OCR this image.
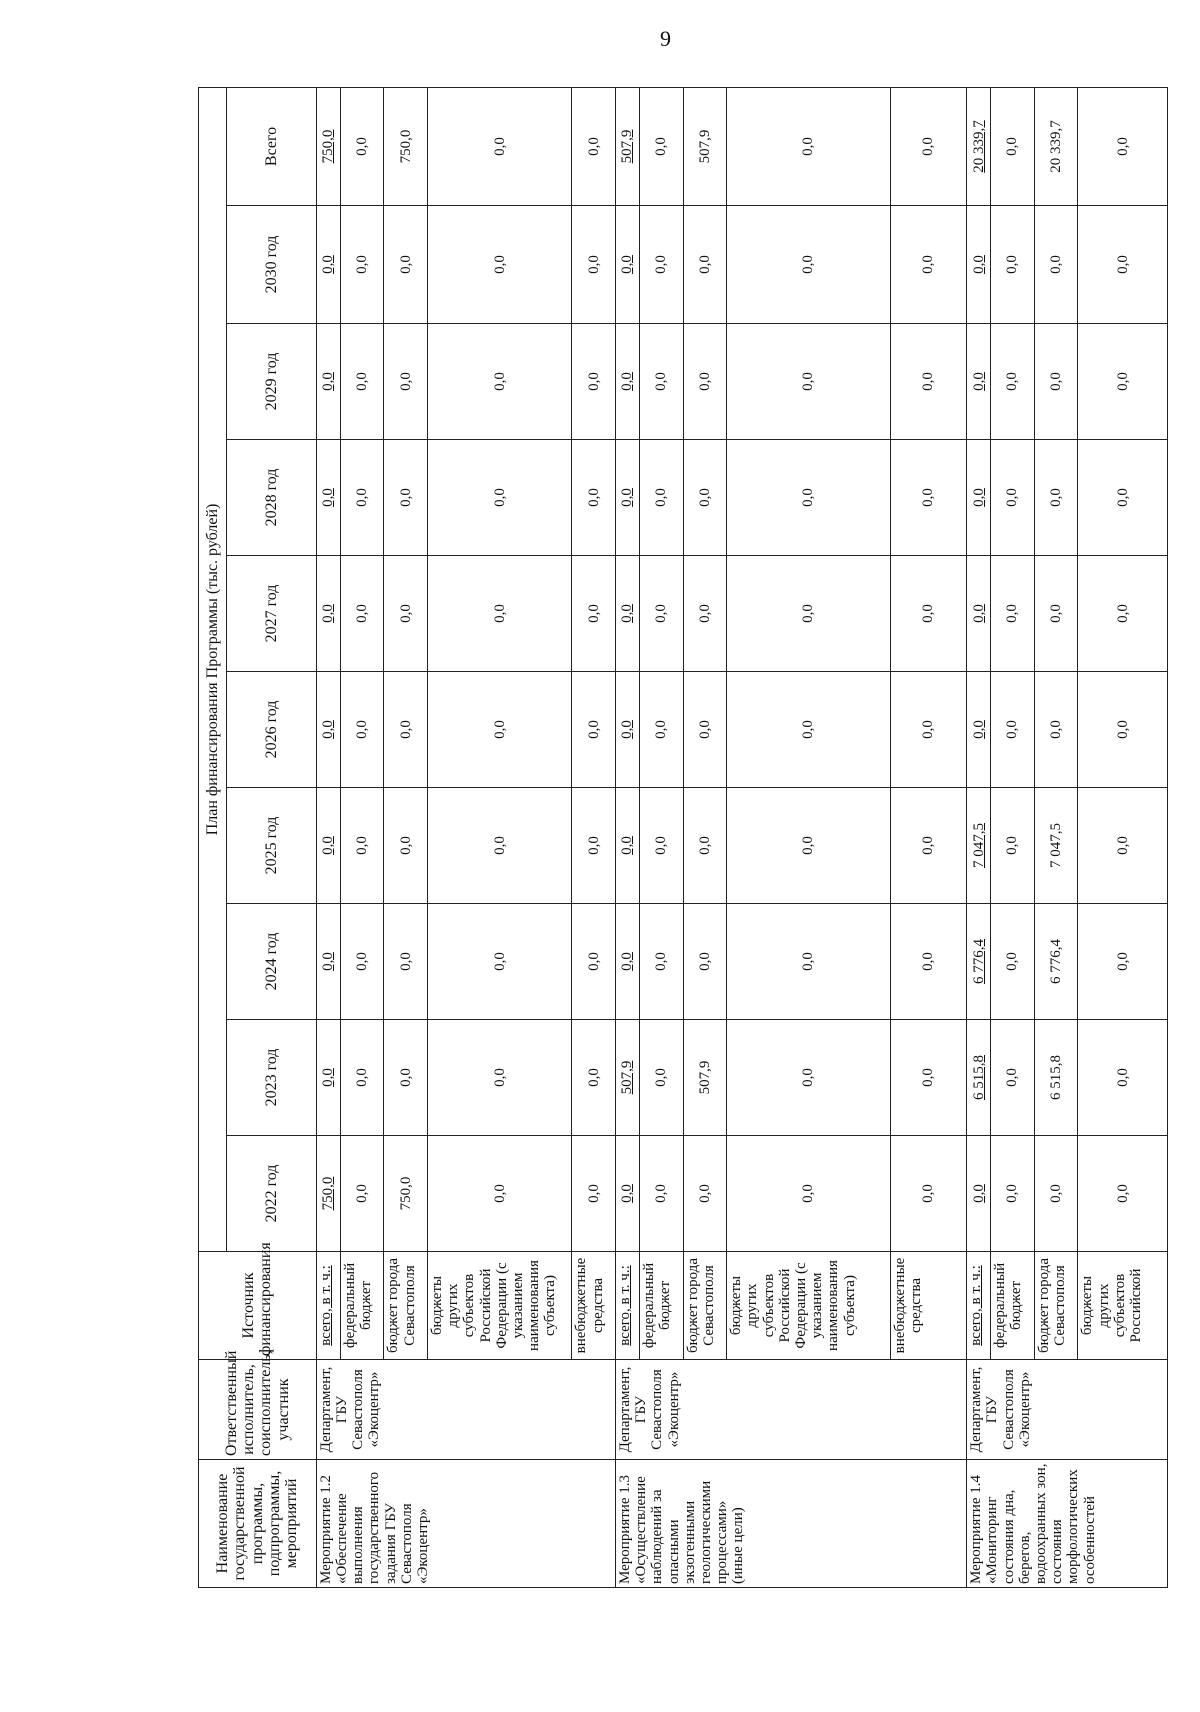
9
Наименование государственной программы, подпрограммы, мероприятий	Ответственный исполнитель, соисполнитель, участник	Источник финансирования	План финансирования Программы (тыс. рублей)									
			2022 год	2023 год	2024 год	2025 год	2026 год	2027 год	2028 год	2029 год	2030 год	Всего
Мероприятие 1.2 «Обеспечение выполнения государственного задания ГБУ Севастополя «Экоцентр»	Департамент, ГБУ Севастополя «Экоцентр»	всего, в т. ч.:	750,0	0,0	0,0	0,0	0,0	0,0	0,0	0,0	0,0	750,0
		федеральный бюджет	0,0	0,0	0,0	0,0	0,0	0,0	0,0	0,0	0,0	0,0
		бюджет города Севастополя	750,0	0,0	0,0	0,0	0,0	0,0	0,0	0,0	0,0	750,0
		бюджеты других субъектов Российской Федерации (с указанием наименования субъекта)	0,0	0,0	0,0	0,0	0,0	0,0	0,0	0,0	0,0	0,0
		внебюджетные средства	0,0	0,0	0,0	0,0	0,0	0,0	0,0	0,0	0,0	0,0
Мероприятие 1.3 «Осуществление наблюдений за опасными экзогенными геологическими процессами» (иные цели)	Департамент, ГБУ Севастополя «Экоцентр»	всего, в т. ч.:	0,0	507,9	0,0	0,0	0,0	0,0	0,0	0,0	0,0	507,9
		федеральный бюджет	0,0	0,0	0,0	0,0	0,0	0,0	0,0	0,0	0,0	0,0
		бюджет города Севастополя	0,0	507,9	0,0	0,0	0,0	0,0	0,0	0,0	0,0	507,9
		бюджеты других субъектов Российской Федерации (с указанием наименования субъекта)	0,0	0,0	0,0	0,0	0,0	0,0	0,0	0,0	0,0	0,0
		внебюджетные средства	0,0	0,0	0,0	0,0	0,0	0,0	0,0	0,0	0,0	0,0
Мероприятие 1.4 «Мониторинг состояния дна, берегов, водоохранных зон, состояния морфологических особенностей	Департамент, ГБУ Севастополя «Экоцентр»	всего, в т. ч.:	0,0	6 515,8	6 776,4	7 047,5	0,0	0,0	0,0	0,0	0,0	20 339,7
		федеральный бюджет	0,0	0,0	0,0	0,0	0,0	0,0	0,0	0,0	0,0	0,0
		бюджет города Севастополя	0,0	6 515,8	6 776,4	7 047,5	0,0	0,0	0,0	0,0	0,0	20 339,7
		бюджеты других субъектов Российской	0,0	0,0	0,0	0,0	0,0	0,0	0,0	0,0	0,0	0,0
